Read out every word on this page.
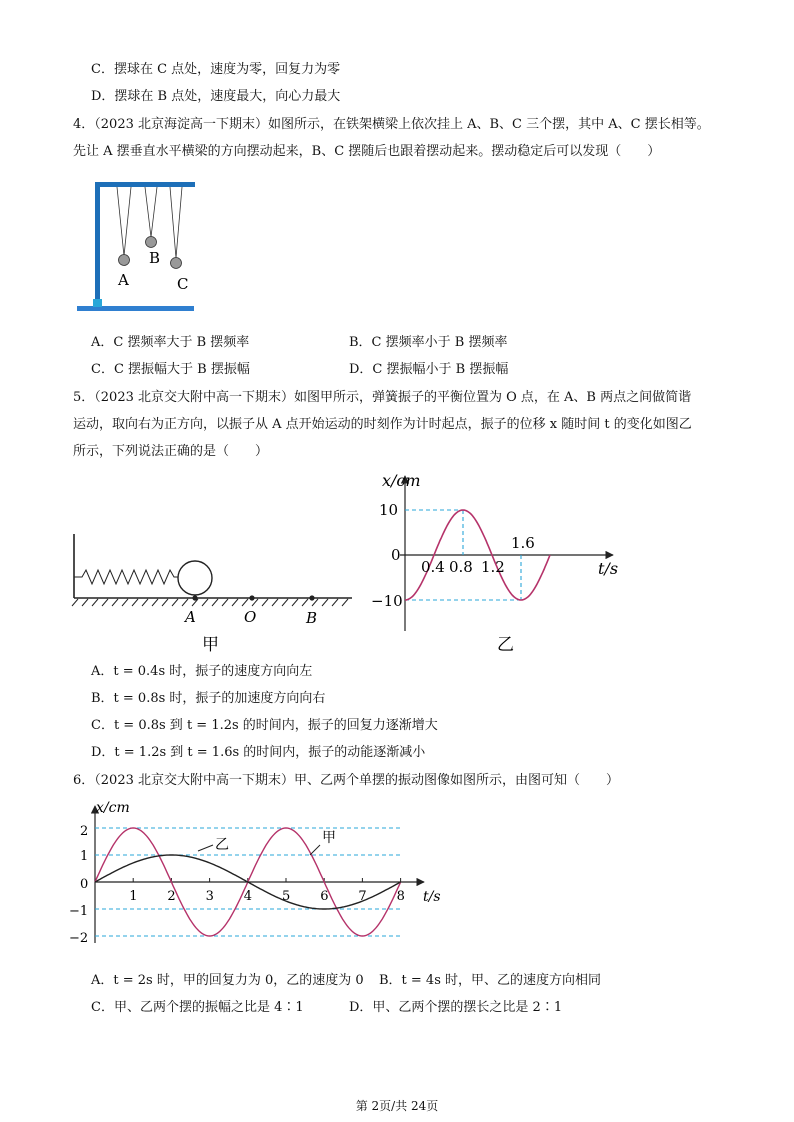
C．摆球在 C 点处，速度为零，回复力为零
D．摆球在 B 点处，速度最大，向心力最大
4．（2023 北京海淀高一下期末）如图所示，在铁架横梁上依次挂上 A、B、C 三个摆，其中 A、C 摆长相等。
先让 A 摆垂直水平横梁的方向摆动起来，B、C 摆随后也跟着摆动起来。摆动稳定后可以发现（　　）
A
B
C
A．C 摆频率大于 B 摆频率	B．C 摆频率小于 B 摆频率
C．C 摆振幅大于 B 摆振幅	D．C 摆振幅小于 B 摆振幅
5．（2023 北京交大附中高一下期末）如图甲所示，弹簧振子的平衡位置为 O 点，在 A、B 两点之间做简谐
运动，取向右为正方向，以振子从 A 点开始运动的时刻作为计时起点，振子的位移 x 随时间 t 的变化如图乙
所示，下列说法正确的是（　　）
A	O	B
甲
x/cm
t/s
10
0
−10
0.4 0.8 1.2
1.6
乙
A．t = 0.4s 时，振子的速度方向向左
B．t = 0.8s 时，振子的加速度方向向右
C．t = 0.8s 到 t = 1.2s 的时间内，振子的回复力逐渐增大
D．t = 1.2s 到 t = 1.6s 的时间内，振子的动能逐渐减小
6．（2023 北京交大附中高一下期末）甲、乙两个单摆的振动图像如图所示，由图可知（　　）
乙	甲
x/cm
t/s
2
1
0
−1
−2
1 2 3 4 5 6 7 8
A．t = 2s 时，甲的回复力为 0，乙的速度为 0 B．t = 4s 时，甲、乙的速度方向相同
C．甲、乙两个摆的振幅之比是 4∶1	D．甲、乙两个摆的摆长之比是 2∶1
第 2页/共 24页
